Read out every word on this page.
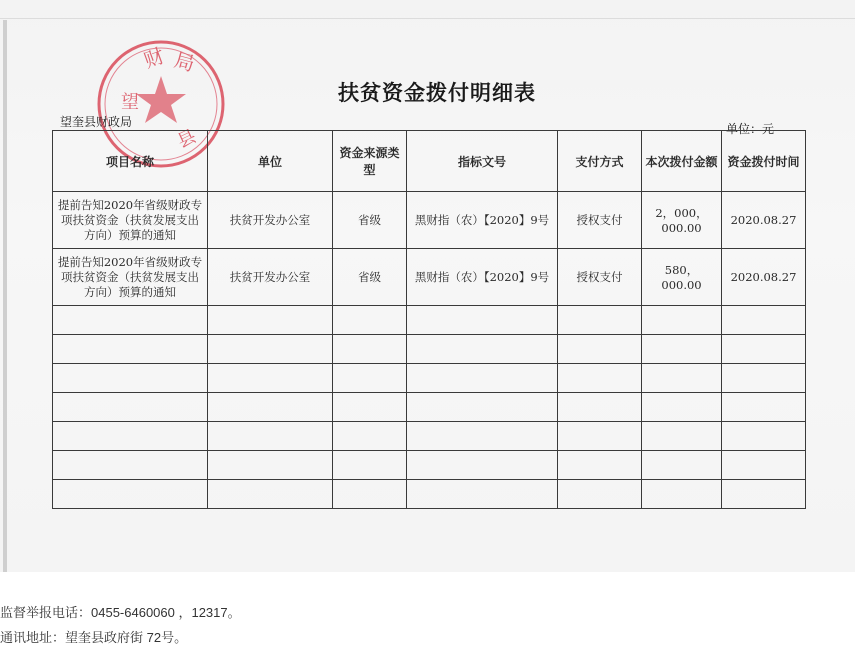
财 局
望
县
扶贫资金拨付明细表
望奎县财政局	单位：元
项目名称	单位	资金来源类型	指标文号	支付方式	本次拨付金额	资金拨付时间
提前告知2020年省级财政专项扶贫资金（扶贫发展支出方向）预算的通知	扶贫开发办公室	省级	黑财指（农）【2020】9号	授权支付	2，000，000.00	2020.08.27
提前告知2020年省级财政专项扶贫资金（扶贫发展支出方向）预算的通知	扶贫开发办公室	省级	黑财指（农）【2020】9号	授权支付	580，000.00	2020.08.27

监督举报电话：0455-6460060 ，12317。
通讯地址：望奎县政府街 72号。
